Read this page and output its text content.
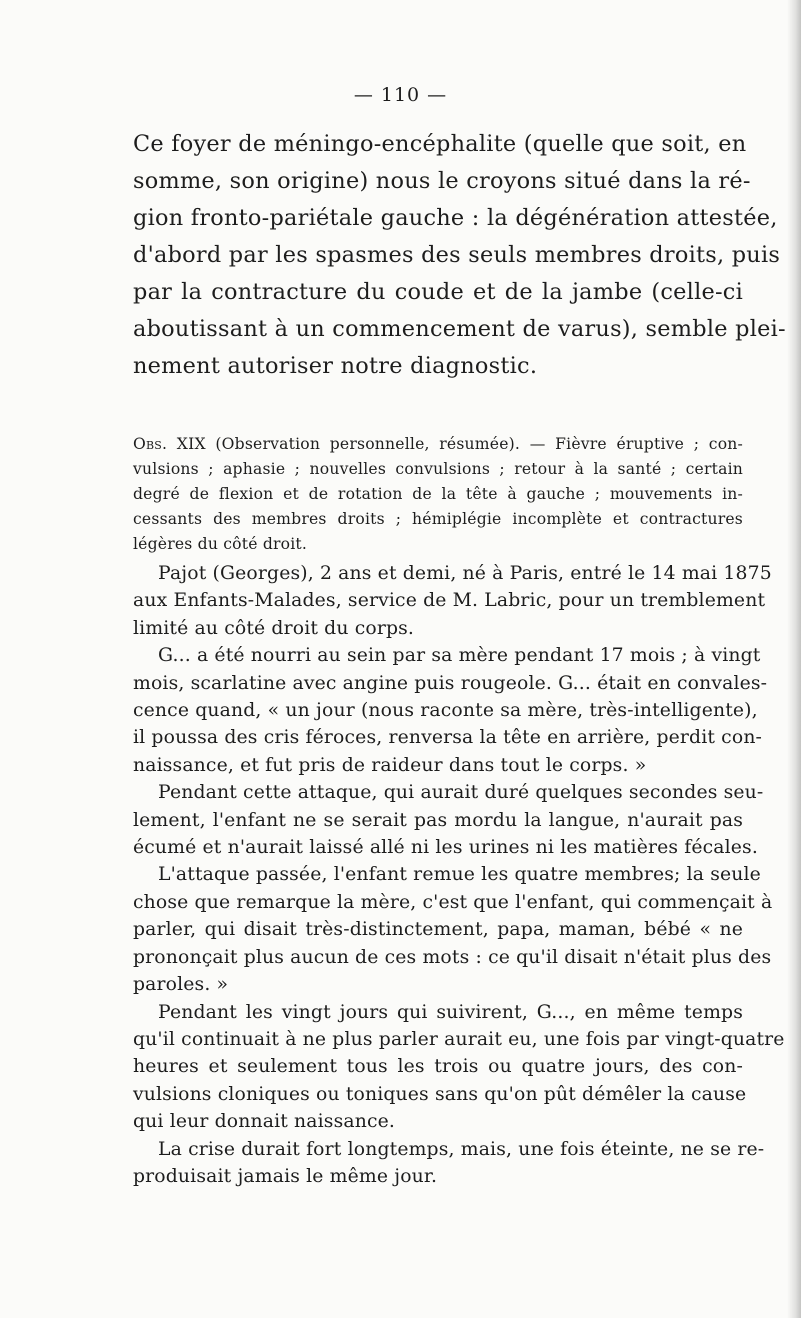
— 110 —

Ce foyer de méningo-encéphalite (quelle que soit, en
somme, son origine) nous le croyons situé dans la ré-
gion fronto-pariétale gauche : la dégénération attestée,
d'abord par les spasmes des seuls membres droits, puis
par la contracture du coude et de la jambe (celle-ci
aboutissant à un commencement de varus), semble plei-
nement autoriser notre diagnostic.

Obs. XIX (Observation personnelle, résumée). — Fièvre éruptive ; con-
vulsions ; aphasie ; nouvelles convulsions ; retour à la santé ; certain
degré de flexion et de rotation de la tête à gauche ; mouvements in-
cessants des membres droits ; hémiplégie incomplète et contractures
légères du côté droit.

Pajot (Georges), 2 ans et demi, né à Paris, entré le 14 mai 1875
aux Enfants-Malades, service de M. Labric, pour un tremblement
limité au côté droit du corps.
G... a été nourri au sein par sa mère pendant 17 mois ; à vingt
mois, scarlatine avec angine puis rougeole. G... était en convales-
cence quand, « un jour (nous raconte sa mère, très-intelligente),
il poussa des cris féroces, renversa la tête en arrière, perdit con-
naissance, et fut pris de raideur dans tout le corps. »
Pendant cette attaque, qui aurait duré quelques secondes seu-
lement, l'enfant ne se serait pas mordu la langue, n'aurait pas
écumé et n'aurait laissé allé ni les urines ni les matières fécales.
L'attaque passée, l'enfant remue les quatre membres; la seule
chose que remarque la mère, c'est que l'enfant, qui commençait à
parler, qui disait très-distinctement, papa, maman, bébé « ne
prononçait plus aucun de ces mots : ce qu'il disait n'était plus des
paroles. »
Pendant les vingt jours qui suivirent, G..., en même temps
qu'il continuait à ne plus parler aurait eu, une fois par vingt-quatre
heures et seulement tous les trois ou quatre jours, des con-
vulsions cloniques ou toniques sans qu'on pût démêler la cause
qui leur donnait naissance.
La crise durait fort longtemps, mais, une fois éteinte, ne se re-
produisait jamais le même jour.
